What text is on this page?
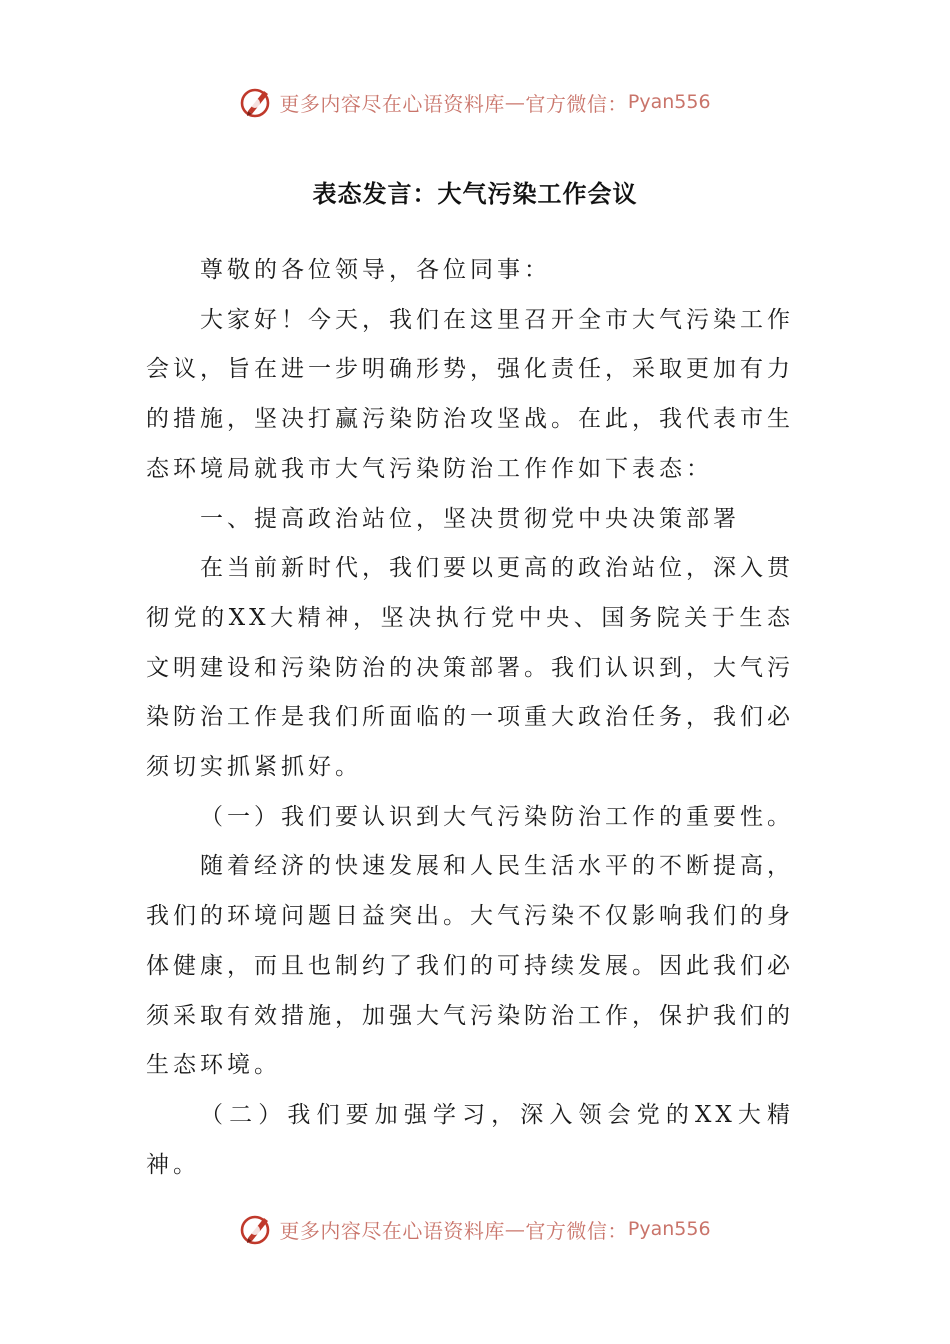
更多内容尽在心语资料库 — 官方微信： Pyan556
表态发言：大气污染工作会议

尊敬的各位领导，各位同事：

大家好！今天，我们在这里召开全市大气污染工作会议，旨在进一步明确形势，强化责任，采取更加有力的措施，坚决打赢污染防治攻坚战。在此，我代表市生态环境局就我市大气污染防治工作作如下表态：

一、提高政治站位，坚决贯彻党中央决策部署

在当前新时代，我们要以更高的政治站位，深入贯彻党的XX大精神，坚决执行党中央、国务院关于生态文明建设和污染防治的决策部署。我们认识到，大气污染防治工作是我们所面临的一项重大政治任务，我们必须切实抓紧抓好。

（一）我们要认识到大气污染防治工作的重要性。

随着经济的快速发展和人民生活水平的不断提高，我们的环境问题日益突出。大气污染不仅影响我们的身体健康，而且也制约了我们的可持续发展。因此我们必须采取有效措施，加强大气污染防治工作，保护我们的生态环境。

（二）我们要加强学习，深入领会党的XX大精神。

更多内容尽在心语资料库 — 官方微信： Pyan556
